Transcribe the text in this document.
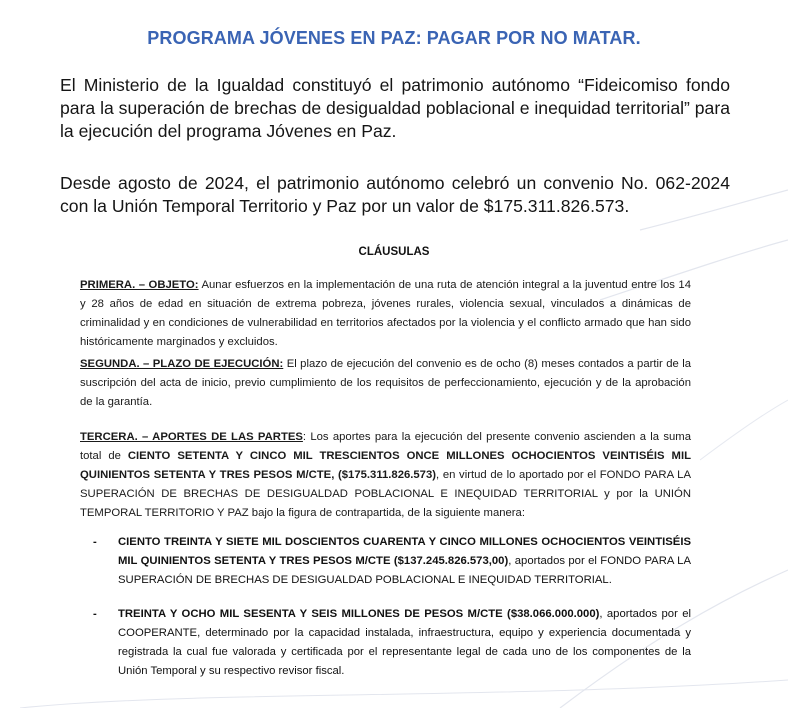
PROGRAMA JÓVENES EN PAZ: PAGAR POR NO MATAR.
El Ministerio de la Igualdad constituyó el patrimonio autónomo “Fideicomiso fondo para la superación de brechas de desigualdad poblacional e inequidad territorial” para la ejecución del programa Jóvenes en Paz.
Desde agosto de 2024, el patrimonio autónomo celebró un convenio No. 062-2024 con la Unión Temporal Territorio y Paz por un valor de $175.311.826.573.
CLÁUSULAS
PRIMERA. – OBJETO: Aunar esfuerzos en la implementación de una ruta de atención integral a la juventud entre los 14 y 28 años de edad en situación de extrema pobreza, jóvenes rurales, violencia sexual, vinculados a dinámicas de criminalidad y en condiciones de vulnerabilidad en territorios afectados por la violencia y el conflicto armado que han sido históricamente marginados y excluidos.
SEGUNDA. – PLAZO DE EJECUCIÓN: El plazo de ejecución del convenio es de ocho (8) meses contados a partir de la suscripción del acta de inicio, previo cumplimiento de los requisitos de perfeccionamiento, ejecución y de la aprobación de la garantía.
TERCERA. – APORTES DE LAS PARTES: Los aportes para la ejecución del presente convenio ascienden a la suma total de CIENTO SETENTA Y CINCO MIL TRESCIENTOS ONCE MILLONES OCHOCIENTOS VEINTISÉIS MIL QUINIENTOS SETENTA Y TRES PESOS M/CTE, ($175.311.826.573), en virtud de lo aportado por el FONDO PARA LA SUPERACIÓN DE BRECHAS DE DESIGUALDAD POBLACIONAL E INEQUIDAD TERRITORIAL y por la UNIÓN TEMPORAL TERRITORIO Y PAZ bajo la figura de contrapartida, de la siguiente manera:
- CIENTO TREINTA Y SIETE MIL DOSCIENTOS CUARENTA Y CINCO MILLONES OCHOCIENTOS VEINTISÉIS MIL QUINIENTOS SETENTA Y TRES PESOS M/CTE ($137.245.826.573,00), aportados por el FONDO PARA LA SUPERACIÓN DE BRECHAS DE DESIGUALDAD POBLACIONAL E INEQUIDAD TERRITORIAL.
- TREINTA Y OCHO MIL SESENTA Y SEIS MILLONES DE PESOS M/CTE ($38.066.000.000), aportados por el COOPERANTE, determinado por la capacidad instalada, infraestructura, equipo y experiencia documentada y registrada la cual fue valorada y certificada por el representante legal de cada uno de los componentes de la Unión Temporal y su respectivo revisor fiscal.
